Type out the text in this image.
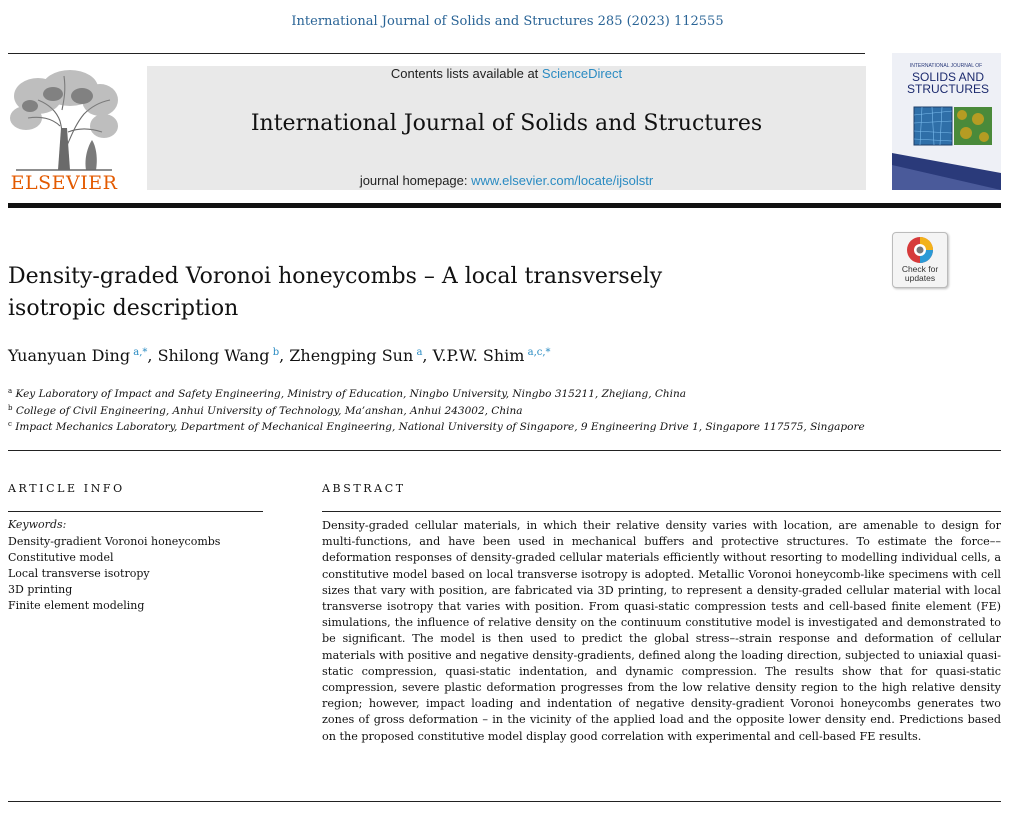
International Journal of Solids and Structures 285 (2023) 112555
ELSEVIER
Contents lists available at ScienceDirect
International Journal of Solids and Structures
journal homepage: www.elsevier.com/locate/ijsolstr
INTERNATIONAL JOURNAL OF
SOLIDS AND
STRUCTURES
Check for
updates
Density-graded Voronoi honeycombs – A local transversely
isotropic description
Yuanyuan Ding $^{a,*}$, Shilong Wang $^b$, Zhengping Sun $^a$, V.P.W. Shim $^{a,c,*}$
$^a$ Key Laboratory of Impact and Safety Engineering, Ministry of Education, Ningbo University, Ningbo 315211, Zhejiang, China
$^b$ College of Civil Engineering, Anhui University of Technology, Ma’anshan, Anhui 243002, China
$^c$ Impact Mechanics Laboratory, Department of Mechanical Engineering, National University of Singapore, 9 Engineering Drive 1, Singapore 117575, Singapore
ARTICLE INFO
Keywords:
Density-gradient Voronoi honeycombs
Constitutive model
Local transverse isotropy
3D printing
Finite element modeling
ABSTRACT
Density-graded cellular materials, in which their relative density varies with location, are amenable to design for multi-functions, and have been used in mechanical buffers and protective structures. To estimate the force––deformation responses of density-graded cellular materials efficiently without resorting to modelling individual cells, a constitutive model based on local transverse isotropy is adopted. Metallic Voronoi honeycomb-like specimens with cell sizes that vary with position, are fabricated via 3D printing, to represent a density-graded cellular material with local transverse isotropy that varies with position. From quasi-static compression tests and cell-based finite element (FE) simulations, the influence of relative density on the continuum constitutive model is investigated and demonstrated to be significant. The model is then used to predict the global stress–-strain response and deformation of cellular materials with positive and negative density-gradients, defined along the loading direction, subjected to uniaxial quasi-static compression, quasi-static indentation, and dynamic compression. The results show that for quasi-static compression, severe plastic deformation progresses from the low relative density region to the high relative density region; however, impact loading and indentation of negative density-gradient Voronoi honeycombs generates two zones of gross deformation – in the vicinity of the applied load and the opposite lower density end. Predictions based on the proposed constitutive model display good correlation with experimental and cell-based FE results.
